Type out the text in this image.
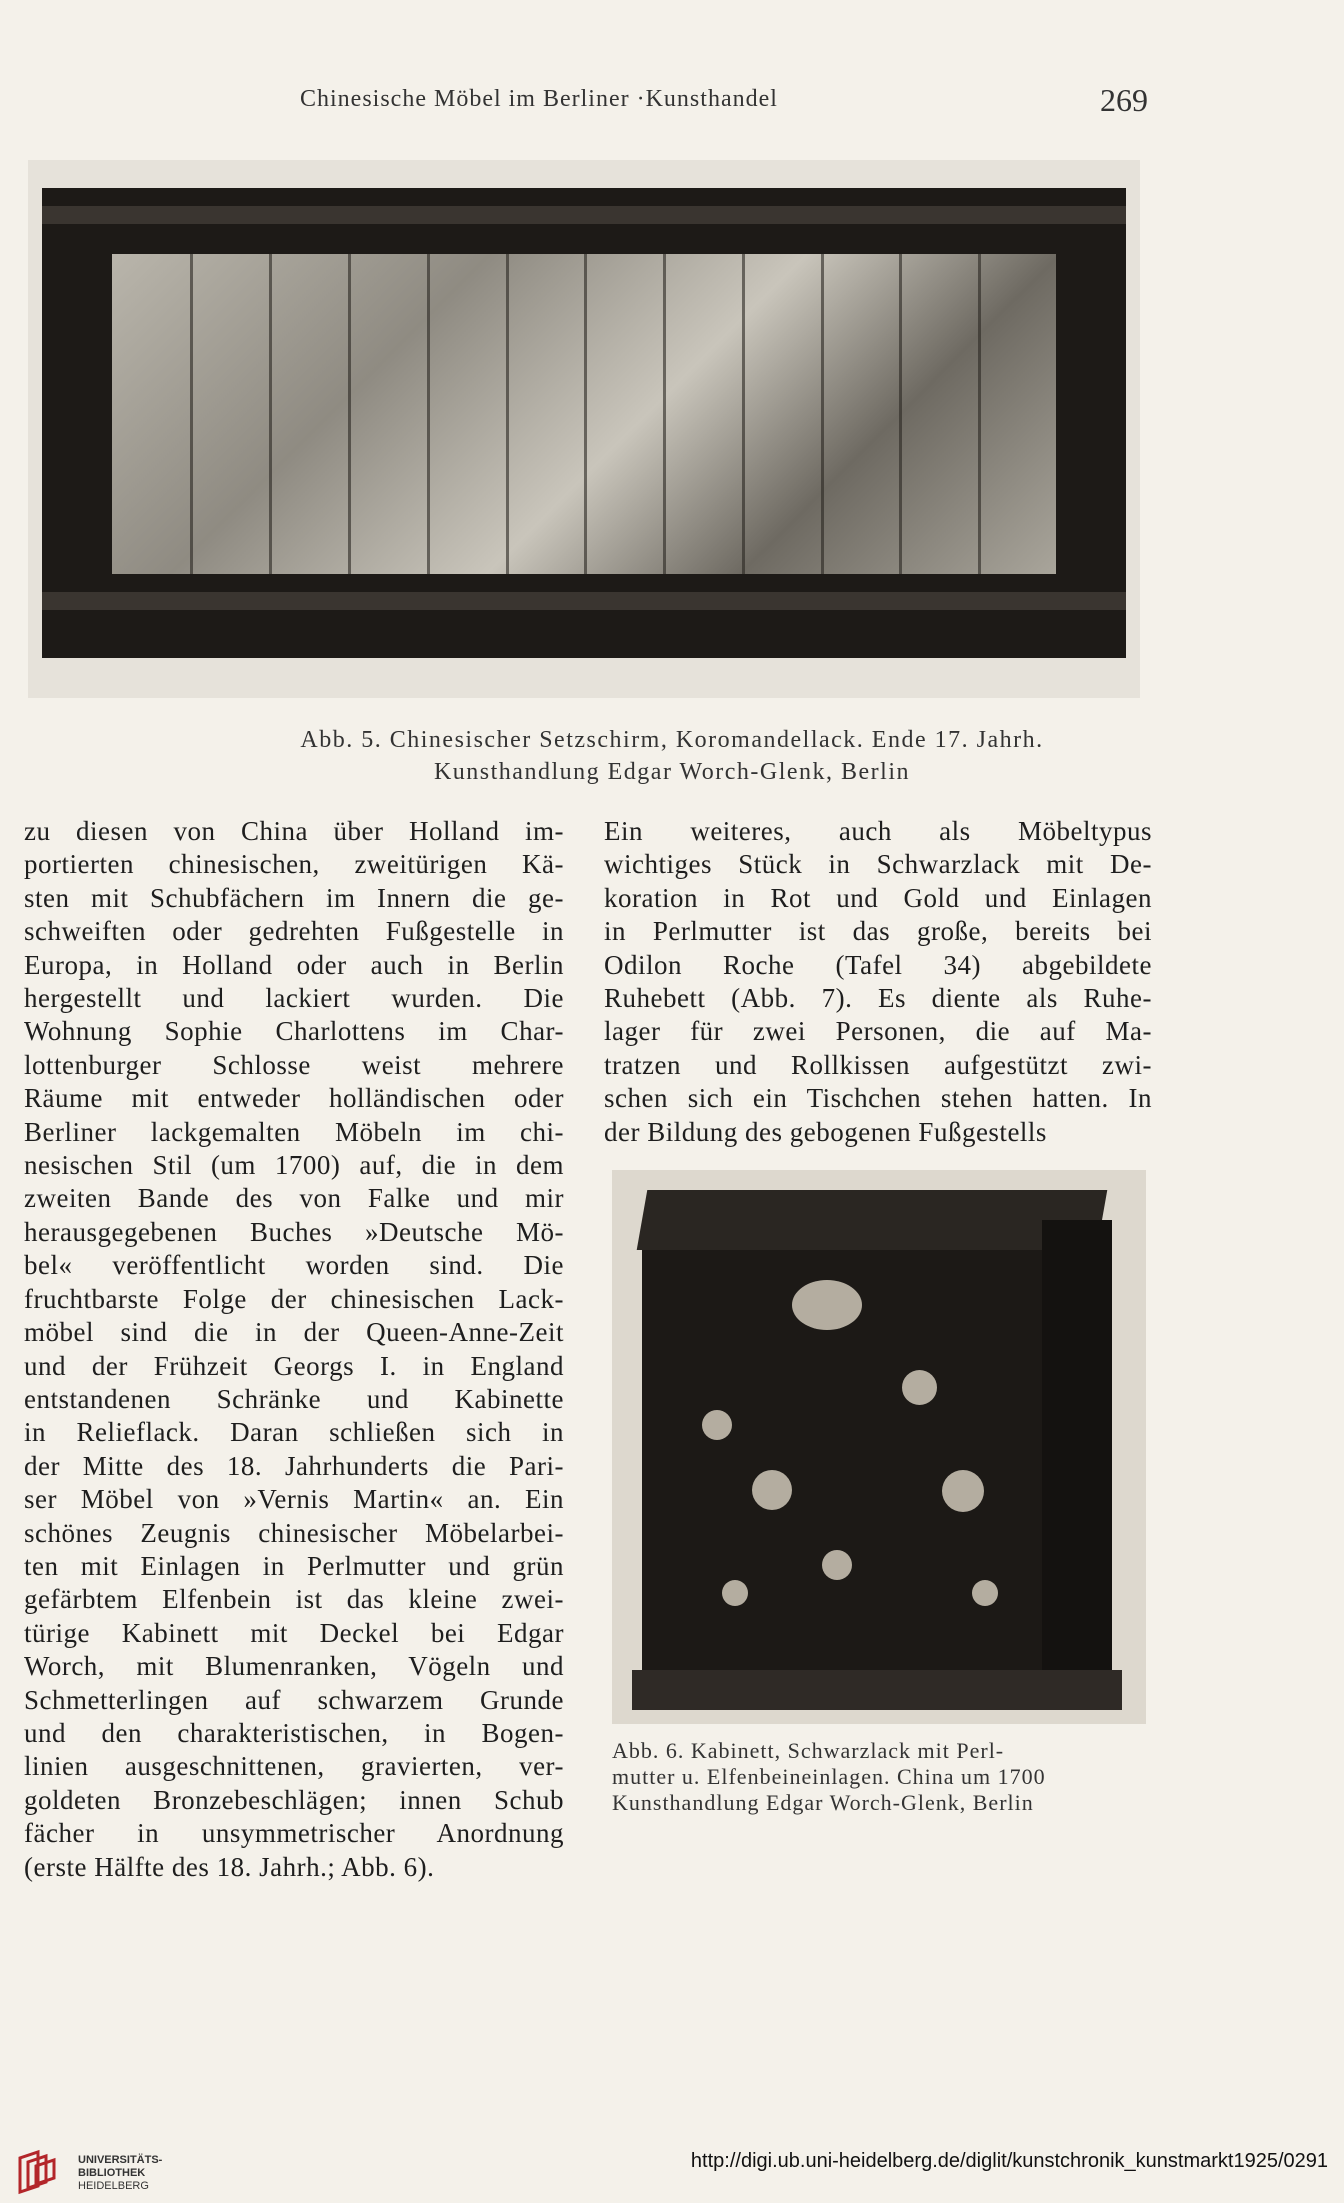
Chinesische Möbel im Berliner ·Kunsthandel	269
Abb. 5. Chinesischer Setzschirm, Koromandellack. Ende 17. Jahrh.
Kunsthandlung Edgar Worch-Glenk, Berlin
zu diesen von China über Holland im-
portierten chinesischen, zweitürigen Kä-
sten mit Schubfächern im Innern die ge-
schweiften oder gedrehten Fußgestelle in
Europa, in Holland oder auch in Berlin
hergestellt und lackiert wurden. Die
Wohnung Sophie Charlottens im Char-
lottenburger Schlosse weist mehrere
Räume mit entweder holländischen oder
Berliner lackgemalten Möbeln im chi-
nesischen Stil (um 1700) auf, die in dem
zweiten Bande des von Falke und mir
herausgegebenen Buches »Deutsche Mö-
bel« veröffentlicht worden sind. Die
fruchtbarste Folge der chinesischen Lack-
möbel sind die in der Queen-Anne-Zeit
und der Frühzeit Georgs I. in England
entstandenen Schränke und Kabinette
in Relieflack. Daran schließen sich in
der Mitte des 18. Jahrhunderts die Pari-
ser Möbel von »Vernis Martin« an. Ein
schönes Zeugnis chinesischer Möbelarbei-
ten mit Einlagen in Perlmutter und grün
gefärbtem Elfenbein ist das kleine zwei-
türige Kabinett mit Deckel bei Edgar
Worch, mit Blumenranken, Vögeln und
Schmetterlingen auf schwarzem Grunde
und den charakteristischen, in Bogen-
linien ausgeschnittenen, gravierten, ver-
goldeten Bronzebeschlägen; innen Schub
fächer in unsymmetrischer Anordnung
(erste Hälfte des 18. Jahrh.; Abb. 6).
Ein weiteres, auch als Möbeltypus
wichtiges Stück in Schwarzlack mit De-
koration in Rot und Gold und Einlagen
in Perlmutter ist das große, bereits bei
Odilon Roche (Tafel 34) abgebildete
Ruhebett (Abb. 7). Es diente als Ruhe-
lager für zwei Personen, die auf Ma-
tratzen und Rollkissen aufgestützt zwi-
schen sich ein Tischchen stehen hatten. In
der Bildung des gebogenen Fußgestells
Abb. 6. Kabinett, Schwarzlack mit Perl-
mutter u. Elfenbeineinlagen. China um 1700
Kunsthandlung Edgar Worch-Glenk, Berlin
UNIVERSITÄTS-
BIBLIOTHEK
HEIDELBERG
http://digi.ub.uni-heidelberg.de/diglit/kunstchronik_kunstmarkt1925/0291
